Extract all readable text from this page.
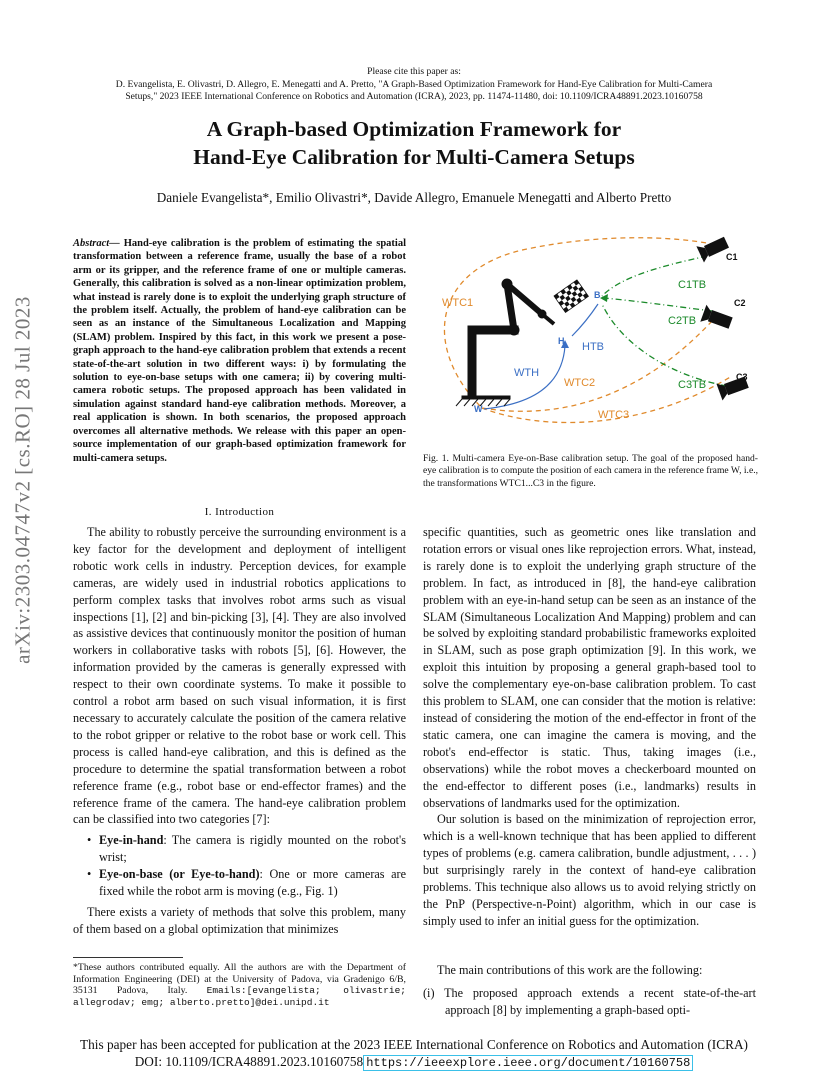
Please cite this paper as:
D. Evangelista, E. Olivastri, D. Allegro, E. Menegatti and A. Pretto, "A Graph-Based Optimization Framework for Hand-Eye Calibration for Multi-Camera
Setups," 2023 IEEE International Conference on Robotics and Automation (ICRA), 2023, pp. 11474-11480, doi: 10.1109/ICRA48891.2023.10160758
A Graph-based Optimization Framework for
Hand-Eye Calibration for Multi-Camera Setups
Daniele Evangelista*, Emilio Olivastri*, Davide Allegro, Emanuele Menegatti and Alberto Pretto
arXiv:2303.04747v2 [cs.RO] 28 Jul 2023
Abstract— Hand-eye calibration is the problem of estimating the spatial transformation between a reference frame, usually the base of a robot arm or its gripper, and the reference frame of one or multiple cameras. Generally, this calibration is solved as a non-linear optimization problem, what instead is rarely done is to exploit the underlying graph structure of the problem itself. Actually, the problem of hand-eye calibration can be seen as an instance of the Simultaneous Localization and Mapping (SLAM) problem. Inspired by this fact, in this work we present a pose-graph approach to the hand-eye calibration problem that extends a recent state-of-the-art solution in two different ways: i) by formulating the solution to eye-on-base setups with one camera; ii) by covering multi-camera robotic setups. The proposed approach has been validated in simulation against standard hand-eye calibration methods. Moreover, a real application is shown. In both scenarios, the proposed approach overcomes all alternative methods. We release with this paper an open-source implementation of our graph-based optimization framework for multi-camera setups.
I. Introduction

The ability to robustly perceive the surrounding environment is a key factor for the development and deployment of intelligent robotic work cells in industry. Perception devices, for example cameras, are widely used in industrial robotics applications to perform complex tasks that involves robot arms such as visual inspections [1], [2] and bin-picking [3], [4]. They are also involved as assistive devices that continuously monitor the position of human workers in collaborative tasks with robots [5], [6]. However, the information provided by the cameras is generally expressed with respect to their own coordinate systems. To make it possible to control a robot arm based on such visual information, it is first necessary to accurately calculate the position of the camera relative to the robot gripper or relative to the robot base or work cell. This process is called hand-eye calibration, and this is defined as the procedure to determine the spatial transformation between a robot reference frame (e.g., robot base or end-effector frames) and the reference frame of the camera. The hand-eye calibration problem can be classified into two categories [7]:

• Eye-in-hand: The camera is rigidly mounted on the robot's wrist;
• Eye-on-base (or Eye-to-hand): One or more cameras are fixed while the robot arm is moving (e.g., Fig. 1)

There exists a variety of methods that solve this problem, many of them based on a global optimization that minimizes

*These authors contributed equally. All the authors are with the Department of Information Engineering (DEI) at the University of Padova, via Gradenigo 6/B, 35131 Padova, Italy. Emails:[evangelista; olivastrie; allegrodav; emg; alberto.pretto]@dei.unipd.it
C1
C2
C3
B
H
W
WTC1
WTH
WTC2
WTC3
C1TB
C2TB
C3TB
HTB
Fig. 1. Multi-camera Eye-on-Base calibration setup. The goal of the proposed hand-eye calibration is to compute the position of each camera in the reference frame W, i.e., the transformations WTC1...C3 in the figure.

specific quantities, such as geometric ones like translation and rotation errors or visual ones like reprojection errors. What, instead, is rarely done is to exploit the underlying graph structure of the problem. In fact, as introduced in [8], the hand-eye calibration problem with an eye-in-hand setup can be seen as an instance of the SLAM (Simultaneous Localization And Mapping) problem and can be solved by exploiting standard probabilistic frameworks exploited in SLAM, such as pose graph optimization [9]. In this work, we exploit this intuition by proposing a general graph-based tool to solve the complementary eye-on-base calibration problem. To cast this problem to SLAM, one can consider that the motion is relative: instead of considering the motion of the end-effector in front of the static camera, one can imagine the camera is moving, and the robot's end-effector is static. Thus, taking images (i.e., observations) while the robot moves a checkerboard mounted on the end-effector to different poses (i.e., landmarks) results in observations of landmarks used for the optimization.

Our solution is based on the minimization of reprojection error, which is a well-known technique that has been applied to different types of problems (e.g. camera calibration, bundle adjustment, . . . ) but surprisingly rarely in the context of hand-eye calibration problems. This technique also allows us to avoid relying strictly on the PnP (Perspective-n-Point) algorithm, which in our case is simply used to infer an initial guess for the optimization.

The main contributions of this work are the following:
(i) The proposed approach extends a recent state-of-the-art approach [8] by implementing a graph-based opti-
This paper has been accepted for publication at the 2023 IEEE International Conference on Robotics and Automation (ICRA)
DOI: 10.1109/ICRA48891.2023.10160758 https://ieeexplore.ieee.org/document/10160758
